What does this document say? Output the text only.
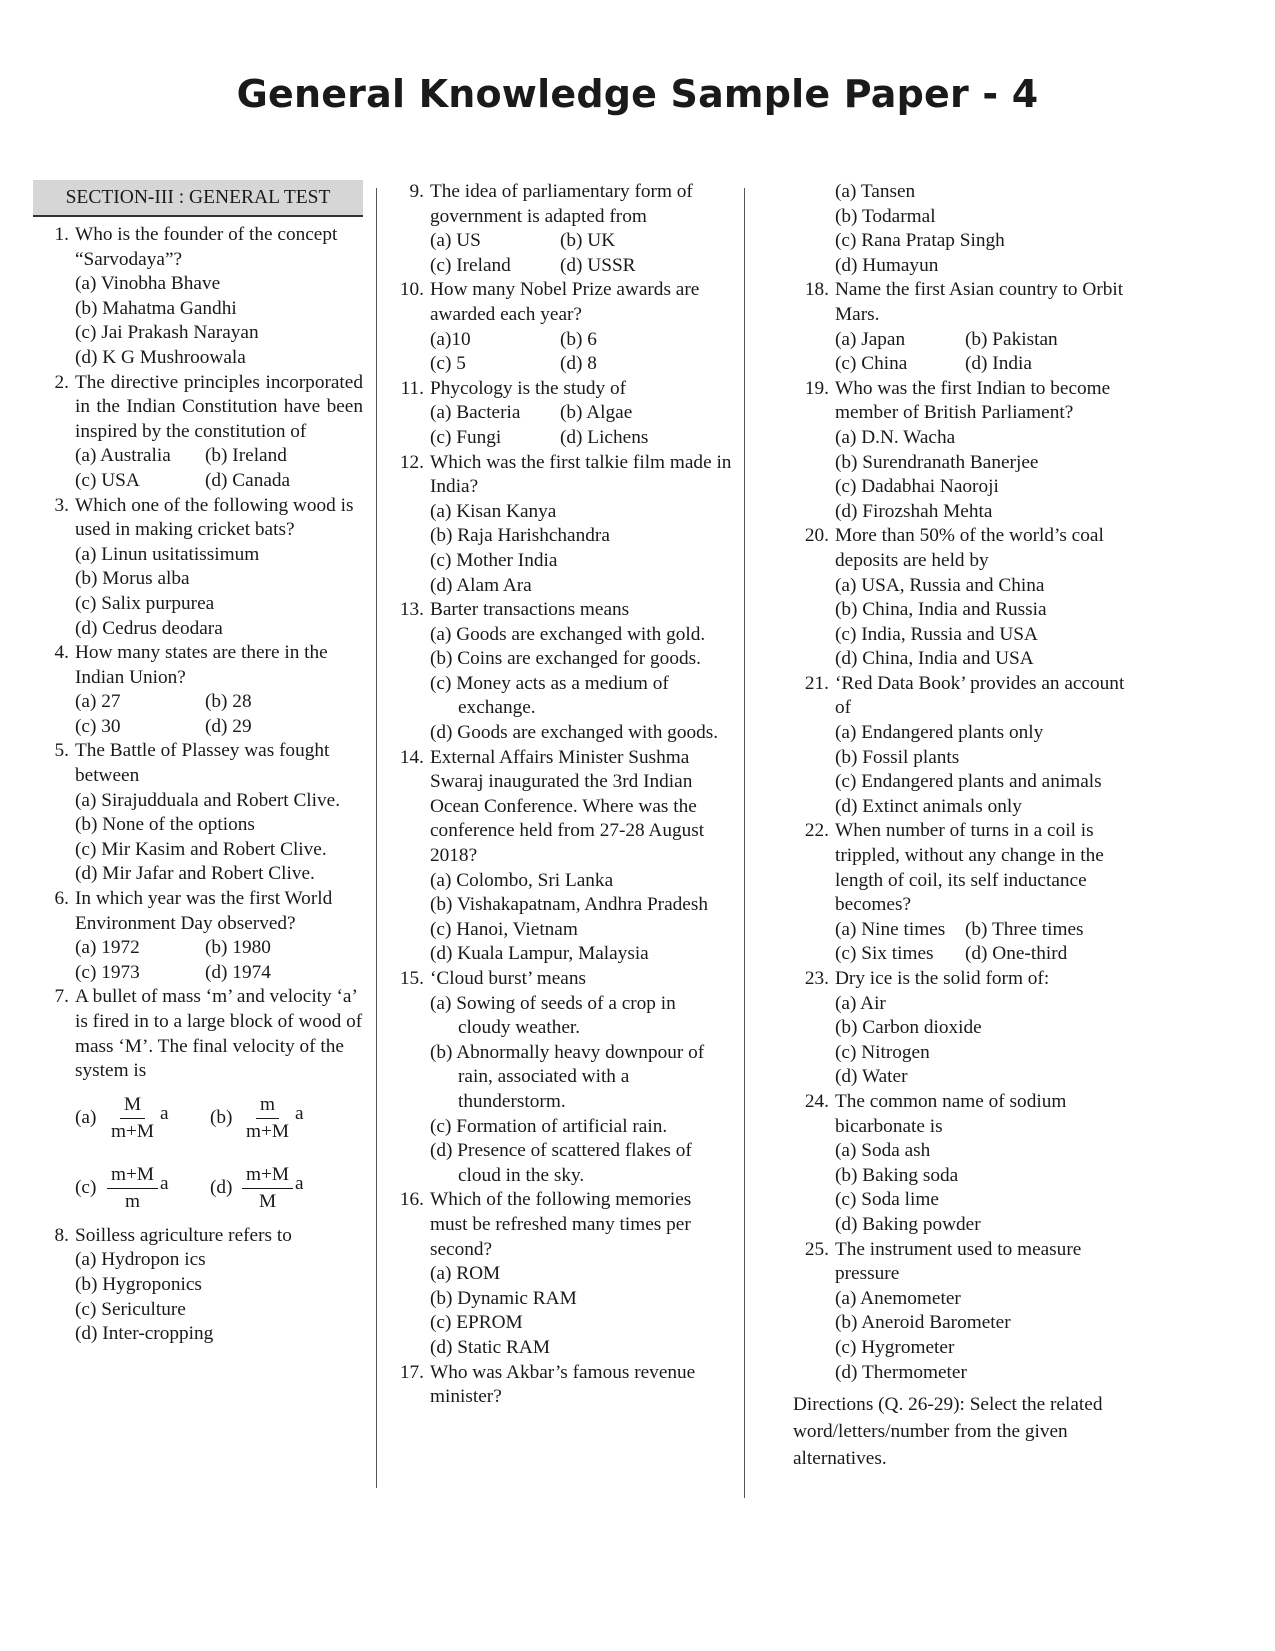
General Knowledge Sample Paper - 4
SECTION-III : GENERAL TEST
1. Who is the founder of the concept “Sarvodaya”?
(a) Vinobha Bhave
(b) Mahatma Gandhi
(c) Jai Prakash Narayan
(d) K G Mushroowala
2. The directive principles incorporated in the Indian Constitution have been inspired by the constitution of
(a) Australia	(b) Ireland
(c) USA	(d) Canada
3. Which one of the following wood is used in making cricket bats?
(a) Linun usitatissimum
(b) Morus alba
(c) Salix purpurea
(d) Cedrus deodara
4. How many states are there in the Indian Union?
(a) 27	(b) 28
(c) 30	(d) 29
5. The Battle of Plassey was fought between
(a) Sirajudduala and Robert Clive.
(b) None of the options
(c) Mir Kasim and Robert Clive.
(d) Mir Jafar and Robert Clive.
6. In which year was the first World Environment Day observed?
(a) 1972	(b) 1980
(c) 1973	(d) 1974
7. A bullet of mass ‘m’ and velocity ‘a’ is fired in to a large block of wood of mass ‘M’. The final velocity of the system is
$(a) \frac{M}{m+M}$ a $(b) \frac{m}{m+M}$ a
$(c) \frac{m+M}{m}$ a $(d) \frac{m+M}{M}$ a
8. Soilless agriculture refers to
(a) Hydropon ics
(b) Hygroponics
(c) Sericulture
(d) Inter-cropping
9. The idea of parliamentary form of government is adapted from
(a) US	(b) UK
(c) Ireland	(d) USSR
10. How many Nobel Prize awards are awarded each year?
(a)10	(b) 6
(c) 5	(d) 8
11. Phycology is the study of
(a) Bacteria	(b) Algae
(c) Fungi	(d) Lichens
12. Which was the first talkie film made in India?
(a) Kisan Kanya
(b) Raja Harishchandra
(c) Mother India
(d) Alam Ara
13. Barter transactions means
(a) Goods are exchanged with gold.
(b) Coins are exchanged for goods.
(c) Money acts as a medium of exchange.
(d) Goods are exchanged with goods.
14. External Affairs Minister Sushma Swaraj inaugurated the 3rd Indian Ocean Conference. Where was the conference held from 27-28 August 2018?
(a) Colombo, Sri Lanka
(b) Vishakapatnam, Andhra Pradesh
(c) Hanoi, Vietnam
(d) Kuala Lampur, Malaysia
15. ‘Cloud burst’ means
(a) Sowing of seeds of a crop in cloudy weather.
(b) Abnormally heavy downpour of rain, associated with a thunderstorm.
(c) Formation of artificial rain.
(d) Presence of scattered flakes of cloud in the sky.
16. Which of the following memories must be refreshed many times per second?
(a) ROM
(b) Dynamic RAM
(c) EPROM
(d) Static RAM
17. Who was Akbar’s famous revenue minister?
(a) Tansen
(b) Todarmal
(c) Rana Pratap Singh
(d) Humayun
18. Name the first Asian country to Orbit Mars.
(a) Japan	(b) Pakistan
(c) China	(d) India
19. Who was the first Indian to become member of British Parliament?
(a) D.N. Wacha
(b) Surendranath Banerjee
(c) Dadabhai Naoroji
(d) Firozshah Mehta
20. More than 50% of the world’s coal deposits are held by
(a) USA, Russia and China
(b) China, India and Russia
(c) India, Russia and USA
(d) China, India and USA
21. ‘Red Data Book’ provides an account of
(a) Endangered plants only
(b) Fossil plants
(c) Endangered plants and animals
(d) Extinct animals only
22. When number of turns in a coil is trippled, without any change in the length of coil, its self inductance becomes?
(a) Nine times	(b) Three times
(c) Six times	(d) One-third
23. Dry ice is the solid form of:
(a) Air
(b) Carbon dioxide
(c) Nitrogen
(d) Water
24. The common name of sodium bicarbonate is
(a) Soda ash
(b) Baking soda
(c) Soda lime
(d) Baking powder
25. The instrument used to measure pressure
(a) Anemometer
(b) Aneroid Barometer
(c) Hygrometer
(d) Thermometer
Directions (Q. 26-29): Select the related word/letters/number from the given alternatives.
